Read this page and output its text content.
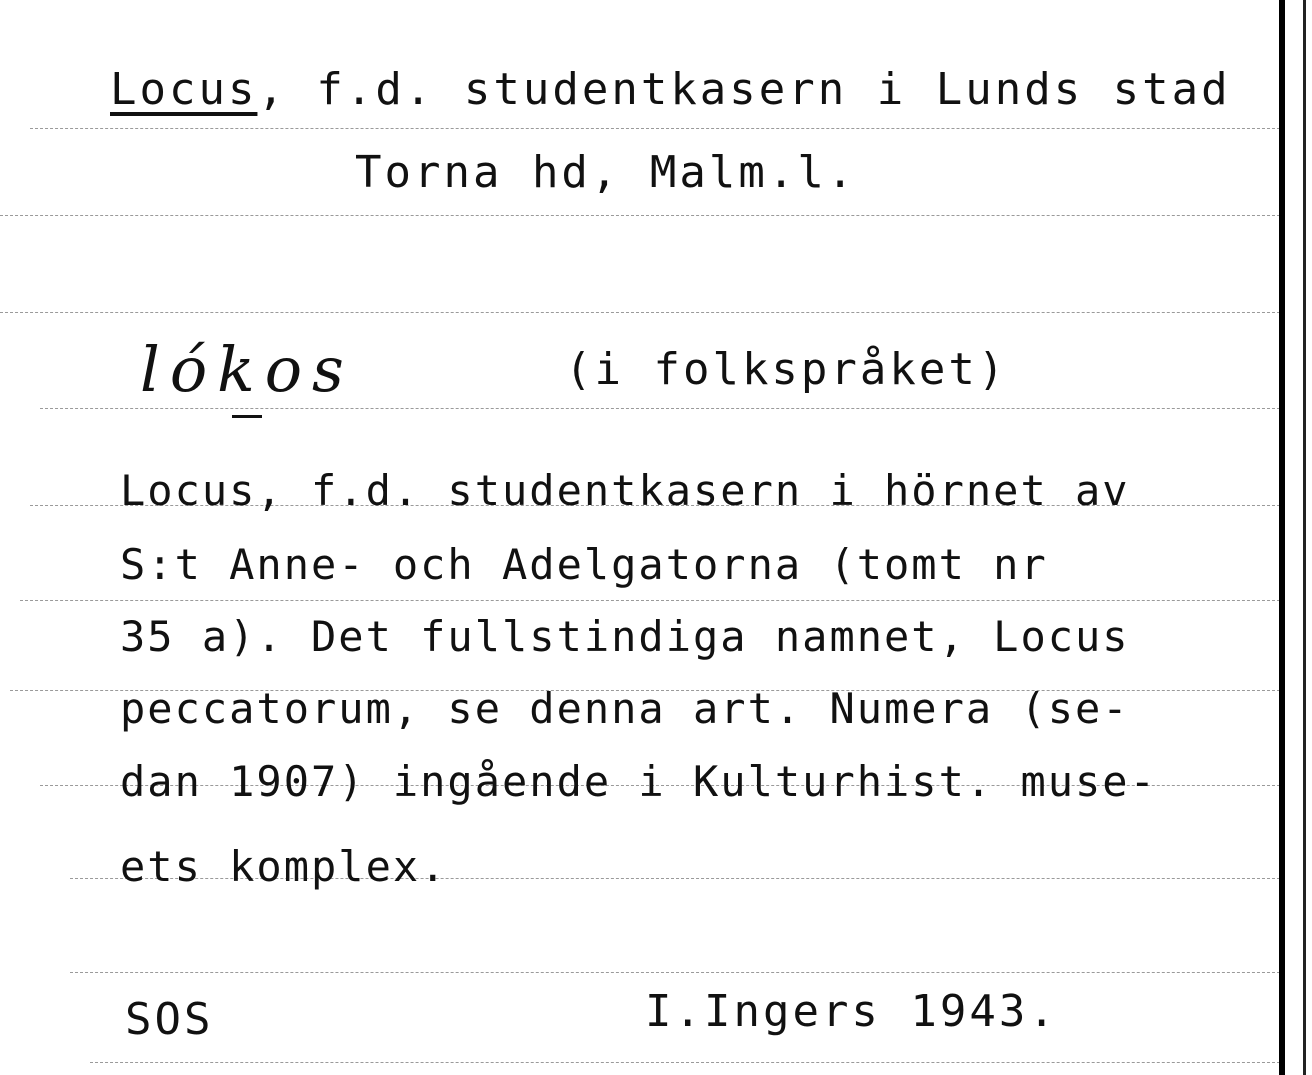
Locus, f.d. studentkasern i Lunds stad
Torna hd, Malm.l.
lókos	(i folkspråket)
Locus, f.d. studentkasern i hörnet av
S:t Anne- och Adelgatorna (tomt nr
35 a). Det fullstindiga namnet, Locus
peccatorum, se denna art. Numera (se-
dan 1907) ingående i Kulturhist. muse-
ets komplex.
SOS	I.Ingers 1943.
